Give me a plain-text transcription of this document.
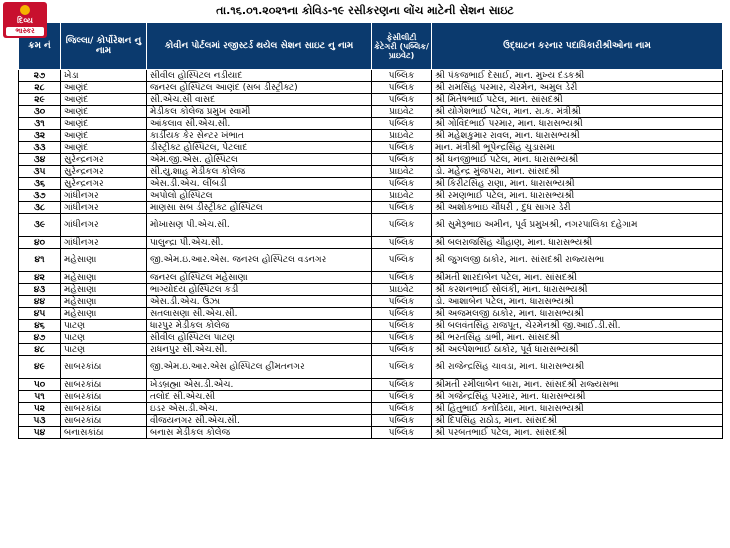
દિવ્ય
ભાસ્કર
તા.૧૬.૦૧.૨૦૨૧ના કોવિડ-૧૯ રસીકરણના લોંચ માટેની સેશન સાઇટ
ક્રમ નં	જિલ્લા/ કોર્પોરેશન નુ નામ	કોવીન પોર્ટલમાં રજીસ્ટર્ડ થયેલ સેશન સાઇટ નુ નામ	ફેસીલીટી કેટેગરી (પબ્લિક/ પ્રાઇવેટ)	ઉદ્ઘાટન કરનાર પદાધિકારીશ્રીઓના નામ
૨૭	ખેડા	સીવીલ હોસ્પિટલ નડીયાદ	પબ્લિક	શ્રી પંકજભાઈ દેસાઈ, માન. મુખ્ય દંડકશ્રી
૨૮	આણંદ	જનરલ હોસ્પિટલ આણંદ (સબ ડીસ્ટ્રીક્ટ)	પબ્લિક	શ્રી રામસિંહ પરમાર, ચેરમેન, અમુલ ડેરી
૨૯	આણંદ	સી.એચ.સી વાસદ	પબ્લિક	શ્રી મિતેષભાઈ પટેલ, માન. સાંસદશ્રી
૩૦	આણંદ	મેડીકલ કોલેજ પ્રમુખ સ્વામી	પ્રાઇવેટ	શ્રી યોગેશભાઈ પટેલ, માન. રા.ક. મંત્રીશ્રી
૩૧	આણંદ	આંકલાવ સી.એચ.સી.	પબ્લિક	શ્રી ગોવિંદભાઈ પરમાર, માન. ધારાસભ્યશ્રી
૩૨	આણંદ	કાર્ડીયક કેર સેન્ટર ખંભાત	પ્રાઇવેટ	શ્રી મહેશકુમાર રાવલ, માન. ધારાસભ્યશ્રી
૩૩	આણંદ	ડીસ્ટ્રીક્ટ હોસ્પિટલ, પેટલાદ	પબ્લિક	માન. મંત્રીશ્રી ભૂપેન્દ્રસિંહ ચુડાસમા
૩૪	સુરેન્દ્રનગર	એમ.જી.એસ. હોસ્પિટલ	પબ્લિક	શ્રી ધનજીભાઈ પટેલ, માન. ધારાસભ્યશ્રી
૩૫	સુરેન્દ્રનગર	સી.યુ.શાહ મેડીકલ કોલેજ	પ્રાઇવેટ	ડો. મહેન્દ્ર મુંજપરા, માન. સાંસદશ્રી
૩૬	સુરેન્દ્રનગર	એસ.ડી.એચ. લીંબડી	પબ્લિક	શ્રી કિરીટસિંહ રાણા, માન. ધારાસભ્યશ્રી
૩૭	ગાંધીનગર	અપોલો હોસ્પિટલ	પ્રાઇવેટ	શ્રી રમણભાઈ પટેલ, માન. ધારાસભ્યશ્રી
૩૮	ગાંધીનગર	માણસા સબ ડીસ્ટ્રીક્ટ હોસ્પિટલ	પબ્લિક	શ્રી અશોકભાઇ ચૌધરી , દુધ સાગર ડેરી
૩૯	ગાંધીનગર	મોખાસણ પી.એચ.સી.	પબ્લિક	શ્રી સુમેરૂભાઇ અમીન, પૂર્વ પ્રમુખશ્રી, નગરપાલિકા દહેગામ
૪૦	ગાંધીનગર	પાલુન્દ્રા પી.એચ.સી.	પબ્લિક	શ્રી બલરાજસિંહ ચૌહાણ, માન. ધારાસભ્યશ્રી
૪૧	મહેસાણા	જી.એમ.ઇ.આર.એસ. જનરલ હોસ્પિટલ વડનગર	પબ્લિક	શ્રી જુગલજી ઠાકોર, માન. સાંસદશ્રી રાજ્યસભા
૪૨	મહેસાણા	જનરલ હોસ્પિટલ મહેસાણા	પબ્લિક	શ્રીમતી શારદાબેન પટેલ, માન. સાંસદશ્રી
૪૩	મહેસાણા	ભાગ્યોદય હોસ્પિટલ કડી	પ્રાઇવેટ	શ્રી કરશનભાઈ સોલંકી, માન. ધારાસભ્યશ્રી
૪૪	મહેસાણા	એસ.ડી.એચ. ઉંઝા	પબ્લિક	ડો. આશાબેન પટેલ, માન. ધારાસભ્યશ્રી
૪૫	મહેસાણા	સતલાસણા સી.એચ.સી.	પબ્લિક	શ્રી અજમલજી ઠાકોર, માન. ધારાસભ્યશ્રી
૪૬	પાટણ	ધારપુર મેડીકલ કોલેજ	પબ્લિક	શ્રી બલવંતસિંહ રાજપૂત, ચેરમેનશ્રી જી.આઈ.ડી.સી.
૪૭	પાટણ	સીવીલ હોસ્પિટલ પાટણ	પબ્લિક	શ્રી ભરતસિંહ ડાભી, માન. સાંસદશ્રી
૪૮	પાટણ	રાધનપુર સી.એચ.સી.	પબ્લિક	શ્રી અલ્પેશભાઈ ઠાકોર, પૂર્વ ધારાસભ્યશ્રી
૪૯	સાબરકાંઠા	જી.એમ.ઇ.આર.એસ હોસ્પિટલ હીંમતનગર	પબ્લિક	શ્રી રાજેન્દ્રસિંહ ચાવડા, માન. ધારાસભ્યશ્રી
૫૦	સાબરકાંઠા	ખેડબ્રહ્મા એસ.ડી.એચ.	પબ્લિક	શ્રીમતી રમીલાબેન બારા, માન. સાંસદશ્રી રાજ્યસભા
૫૧	સાબરકાંઠા	તલોદ સી.એચ.સી	પબ્લિક	શ્રી ગજેન્દ્રસિંહ પરમાર, માન. ધારાસભ્યશ્રી
૫૨	સાબરકાંઠા	ઇડર એસ.ડી.એચ.	પબ્લિક	શ્રી હિતુભાઈ કનોડિયા, માન. ધારાસભ્યશ્રી
૫૩	સાબરકાંઠા	વીજયનગર સી.એચ.સી.	પબ્લિક	શ્રી દિપસિંહ રાઠોડ, માન. સાંસદશ્રી
૫૪	બનાસકાંઠા	બનાસ મેડીકલ કોલેજ	પબ્લિક	શ્રી પરબતભાઈ પટેલ, માન. સાંસદશ્રી
